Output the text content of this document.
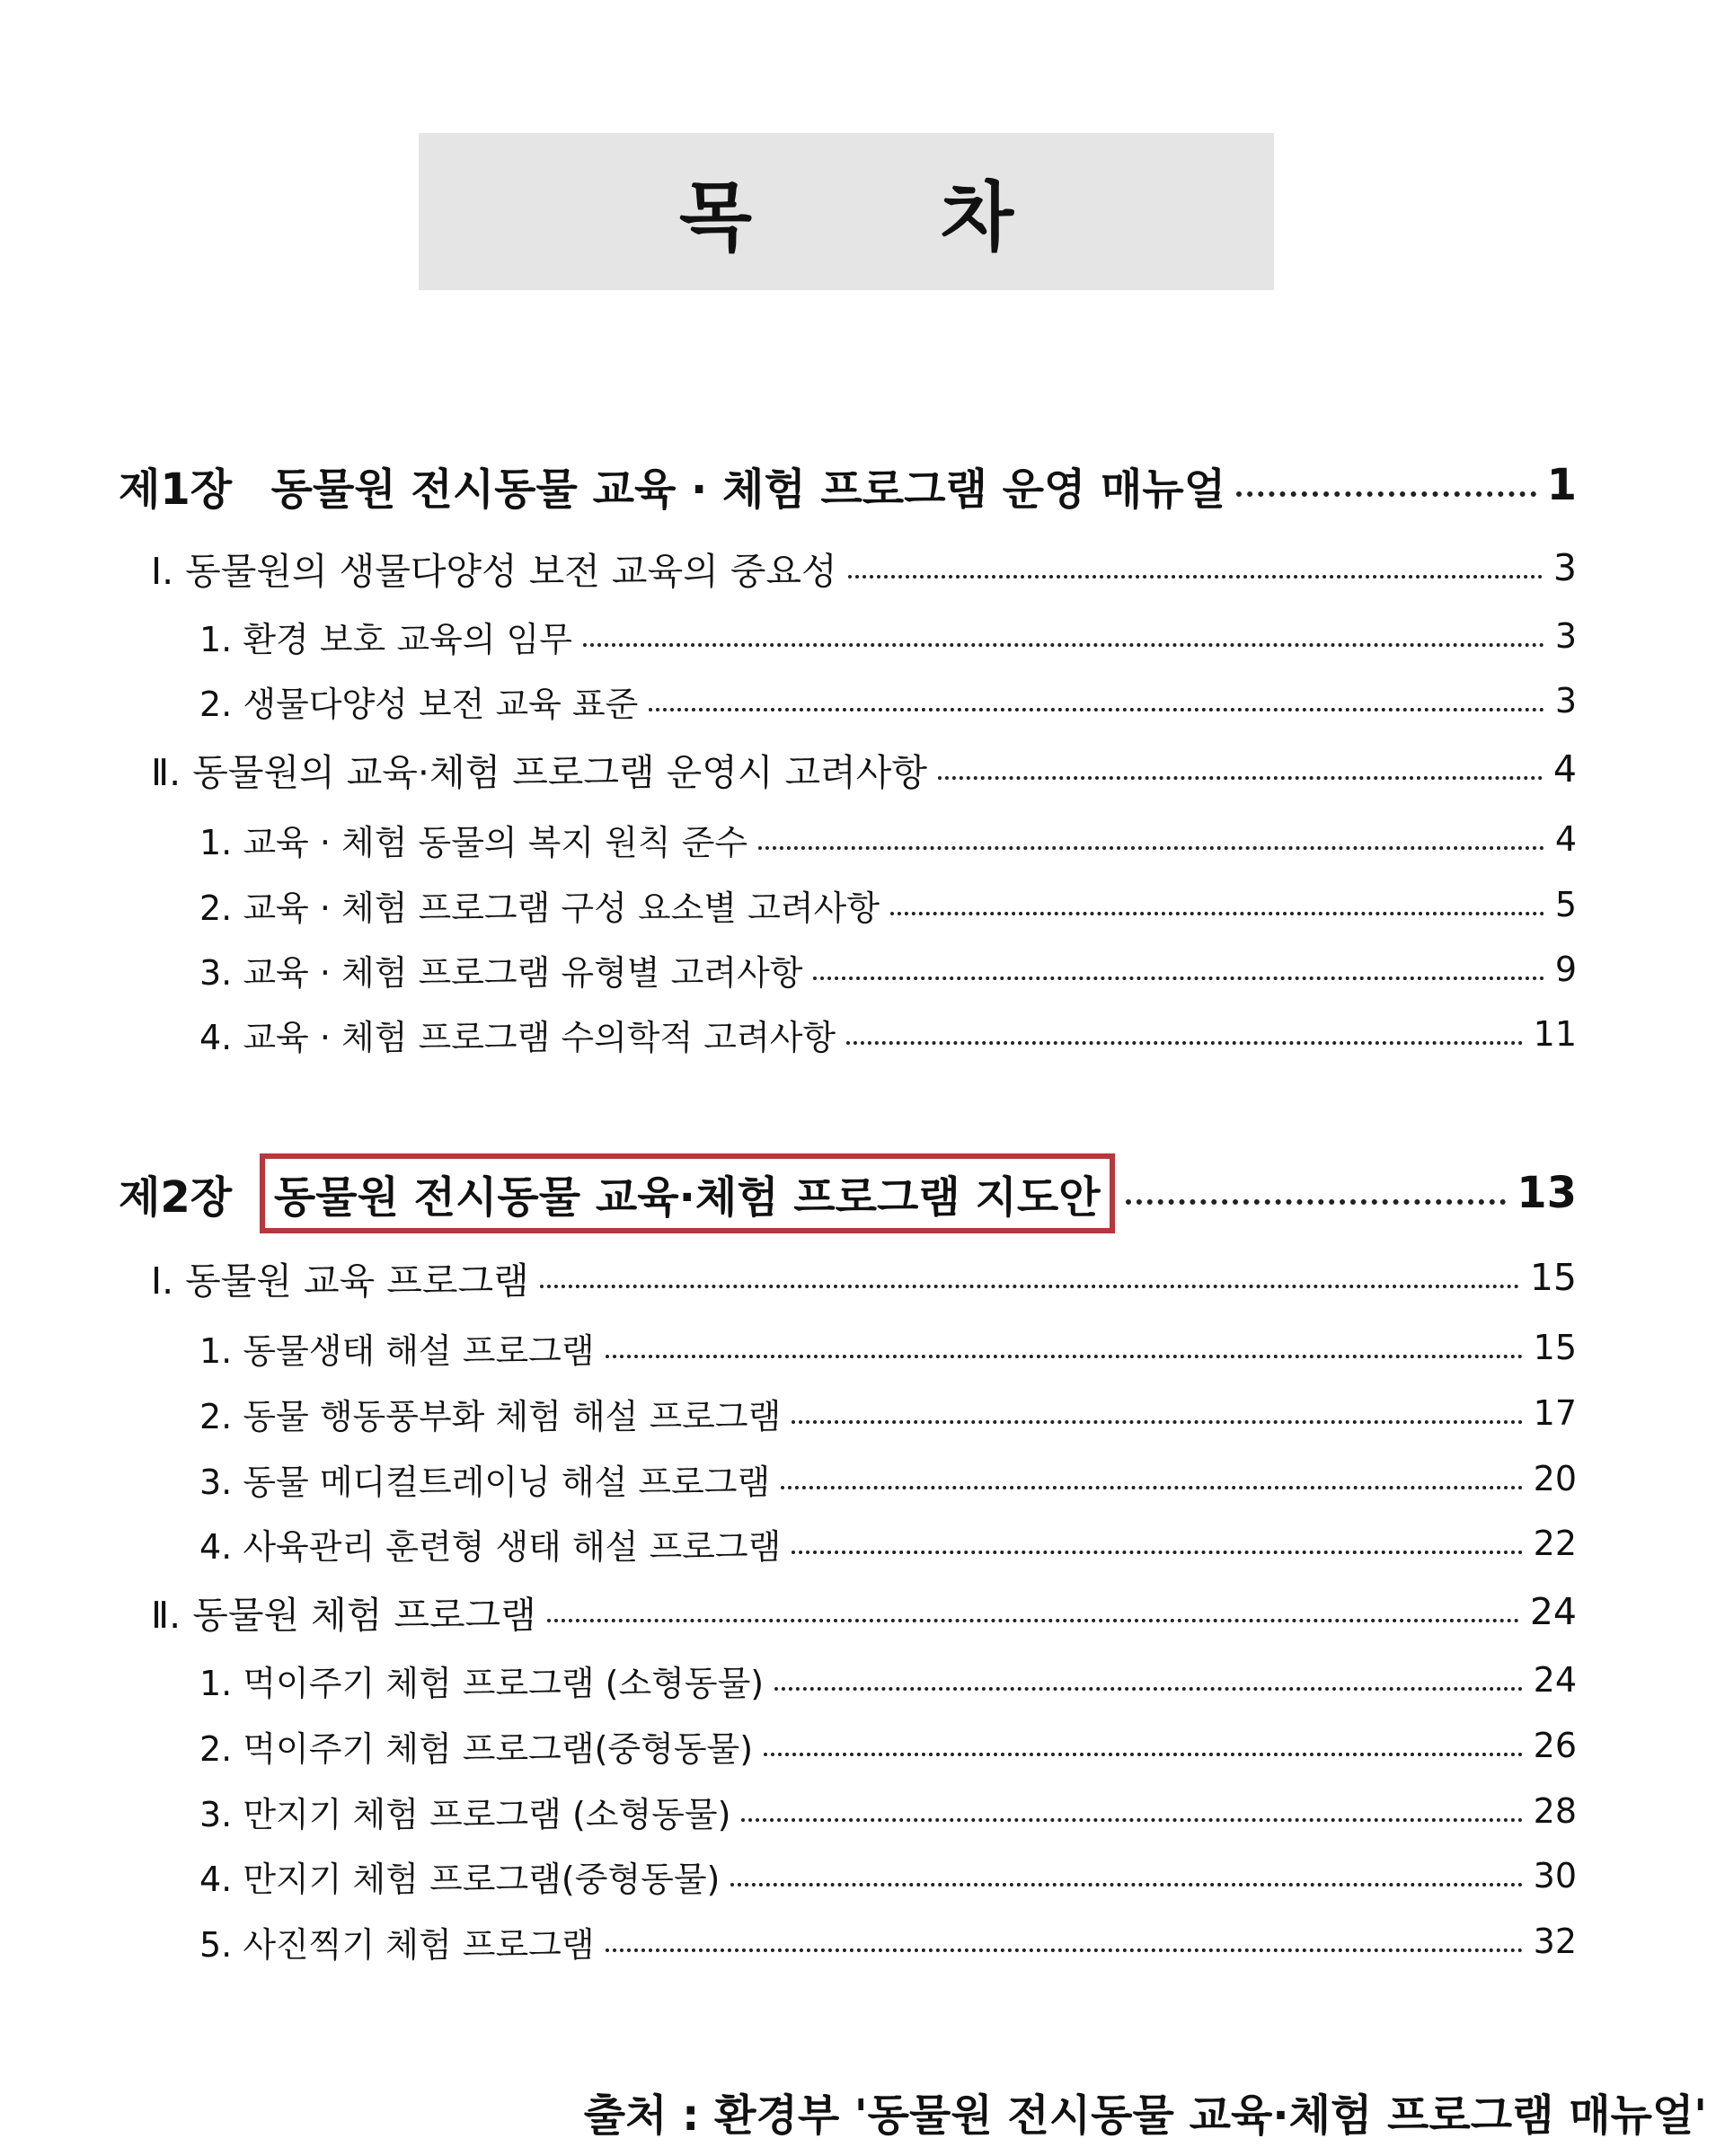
목	차
제1장 동물원 전시동물 교육 · 체험 프로그램 운영 매뉴얼	1
Ⅰ. 동물원의 생물다양성 보전 교육의 중요성	3
1. 환경 보호 교육의 임무	3
2. 생물다양성 보전 교육 표준	3
Ⅱ. 동물원의 교육·체험 프로그램 운영시 고려사항	4
1. 교육 · 체험 동물의 복지 원칙 준수	4
2. 교육 · 체험 프로그램 구성 요소별 고려사항	5
3. 교육 · 체험 프로그램 유형별 고려사항	9
4. 교육 · 체험 프로그램 수의학적 고려사항	11
제2장 동물원 전시동물 교육·체험 프로그램 지도안	13
Ⅰ. 동물원 교육 프로그램	15
1. 동물생태 해설 프로그램	15
2. 동물 행동풍부화 체험 해설 프로그램	17
3. 동물 메디컬트레이닝 해설 프로그램	20
4. 사육관리 훈련형 생태 해설 프로그램	22
Ⅱ. 동물원 체험 프로그램	24
1. 먹이주기 체험 프로그램 (소형동물)	24
2. 먹이주기 체험 프로그램(중형동물)	26
3. 만지기 체험 프로그램 (소형동물)	28
4. 만지기 체험 프로그램(중형동물)	30
5. 사진찍기 체험 프로그램	32
출처 : 환경부 '동물원 전시동물 교육·체험 프로그램 매뉴얼'
